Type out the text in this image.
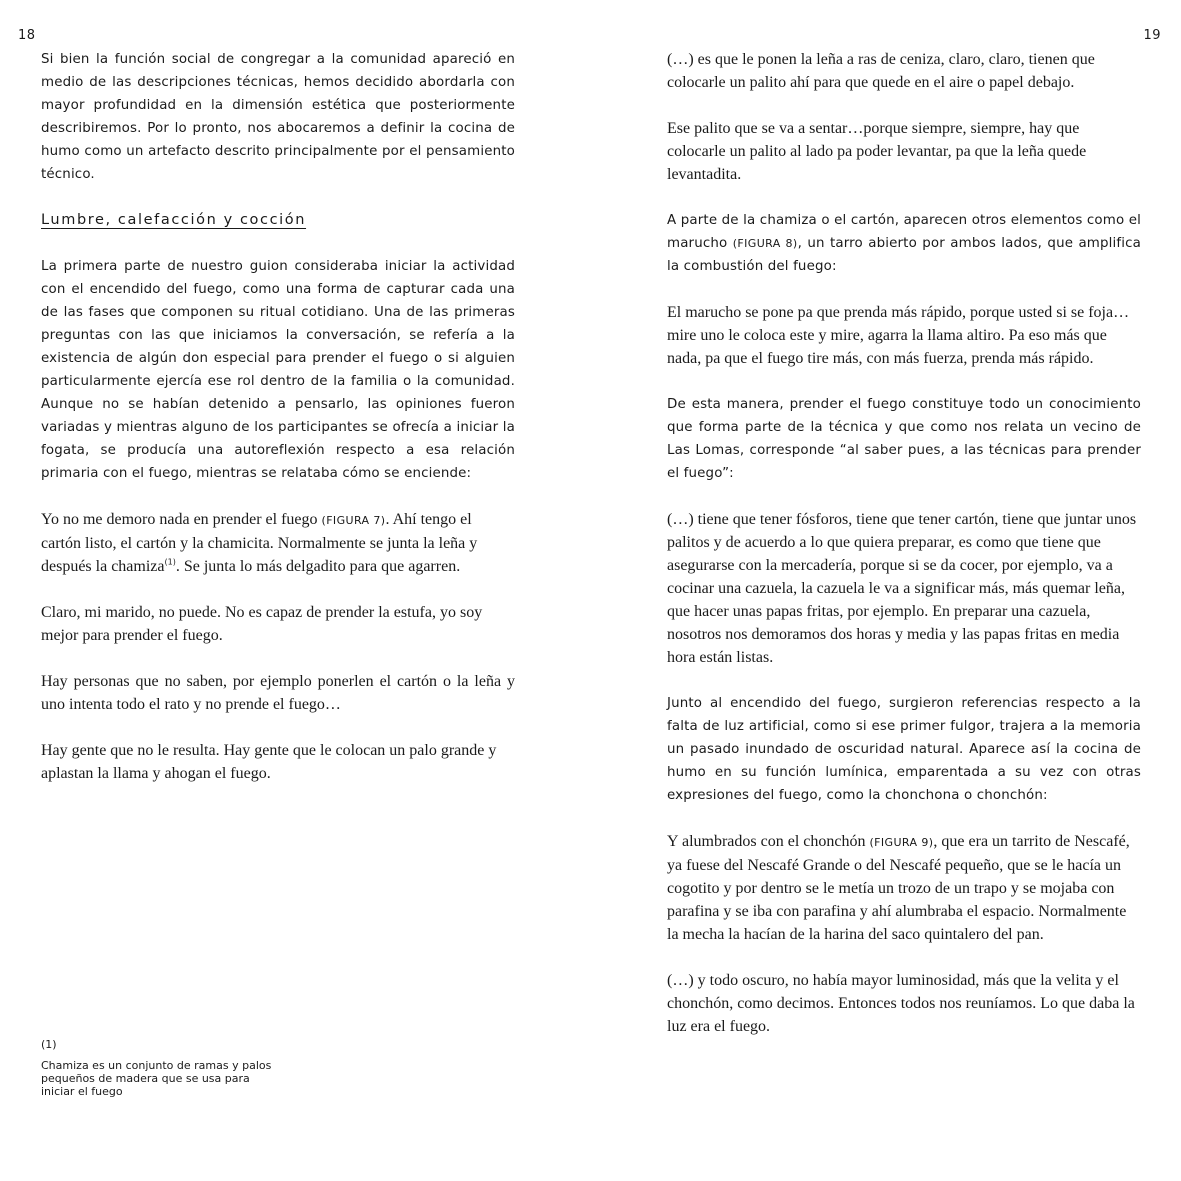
18	19

Si bien la función social de congregar a la comunidad apareció en medio de las descripciones técnicas, hemos decidido abordarla con mayor profundidad en la dimensión estética que posteriormente describiremos. Por lo pronto, nos abocaremos a definir la cocina de humo como un artefacto descrito principalmente por el pensamiento técnico.

Lumbre, calefacción y cocción

La primera parte de nuestro guion consideraba iniciar la actividad con el encendido del fuego, como una forma de capturar cada una de las fases que componen su ritual cotidiano. Una de las primeras preguntas con las que iniciamos la conversación, se refería a la existencia de algún don especial para prender el fuego o si alguien particularmente ejercía ese rol dentro de la familia o la comunidad. Aunque no se habían detenido a pensarlo, las opiniones fueron variadas y mientras alguno de los participantes se ofrecía a iniciar la fogata, se producía una autoreflexión respecto a esa relación primaria con el fuego, mientras se relataba cómo se enciende:

Yo no me demoro nada en prender el fuego (FIGURA 7). Ahí tengo el cartón listo, el cartón y la chamicita. Normalmente se junta la leña y después la chamiza$^{(1)}$. Se junta lo más delgadito para que agarren.

Claro, mi marido, no puede. No es capaz de prender la estufa, yo soy mejor para prender el fuego.

Hay personas que no saben, por ejemplo ponerlen el cartón o la leña y uno intenta todo el rato y no prende el fuego…

Hay gente que no le resulta. Hay gente que le colocan un palo grande y aplastan la llama y ahogan el fuego.

(1)
Chamiza es un conjunto de ramas y palos pequeños de madera que se usa para iniciar el fuego

(…) es que le ponen la leña a ras de ceniza, claro, claro, tienen que colocarle un palito ahí para que quede en el aire o papel debajo.

Ese palito que se va a sentar…porque siempre, siempre, hay que colocarle un palito al lado pa poder levantar, pa que la leña quede levantadita.

A parte de la chamiza o el cartón, aparecen otros elementos como el marucho (FIGURA 8), un tarro abierto por ambos lados, que amplifica la combustión del fuego:

El marucho se pone pa que prenda más rápido, porque usted si se foja…mire uno le coloca este y mire, agarra la llama altiro. Pa eso más que nada, pa que el fuego tire más, con más fuerza, prenda más rápido.

De esta manera, prender el fuego constituye todo un conocimiento que forma parte de la técnica y que como nos relata un vecino de Las Lomas, corresponde “al saber pues, a las técnicas para prender el fuego”:

(…) tiene que tener fósforos, tiene que tener cartón, tiene que juntar unos palitos y de acuerdo a lo que quiera preparar, es como que tiene que asegurarse con la mercadería, porque si se da cocer, por ejemplo, va a cocinar una cazuela, la cazuela le va a significar más, más quemar leña, que hacer unas papas fritas, por ejemplo. En preparar una cazuela, nosotros nos demoramos dos horas y media y las papas fritas en media hora están listas.

Junto al encendido del fuego, surgieron referencias respecto a la falta de luz artificial, como si ese primer fulgor, trajera a la memoria un pasado inundado de oscuridad natural. Aparece así la cocina de humo en su función lumínica, emparentada a su vez con otras expresiones del fuego, como la chonchona o chonchón:

Y alumbrados con el chonchón (FIGURA 9), que era un tarrito de Nescafé, ya fuese del Nescafé Grande o del Nescafé pequeño, que se le hacía un cogotito y por dentro se le metía un trozo de un trapo y se mojaba con parafina y se iba con parafina y ahí alumbraba el espacio. Normalmente la mecha la hacían de la harina del saco quintalero del pan.

(…) y todo oscuro, no había mayor luminosidad, más que la velita y el chonchón, como decimos. Entonces todos nos reuníamos. Lo que daba la luz era el fuego.
